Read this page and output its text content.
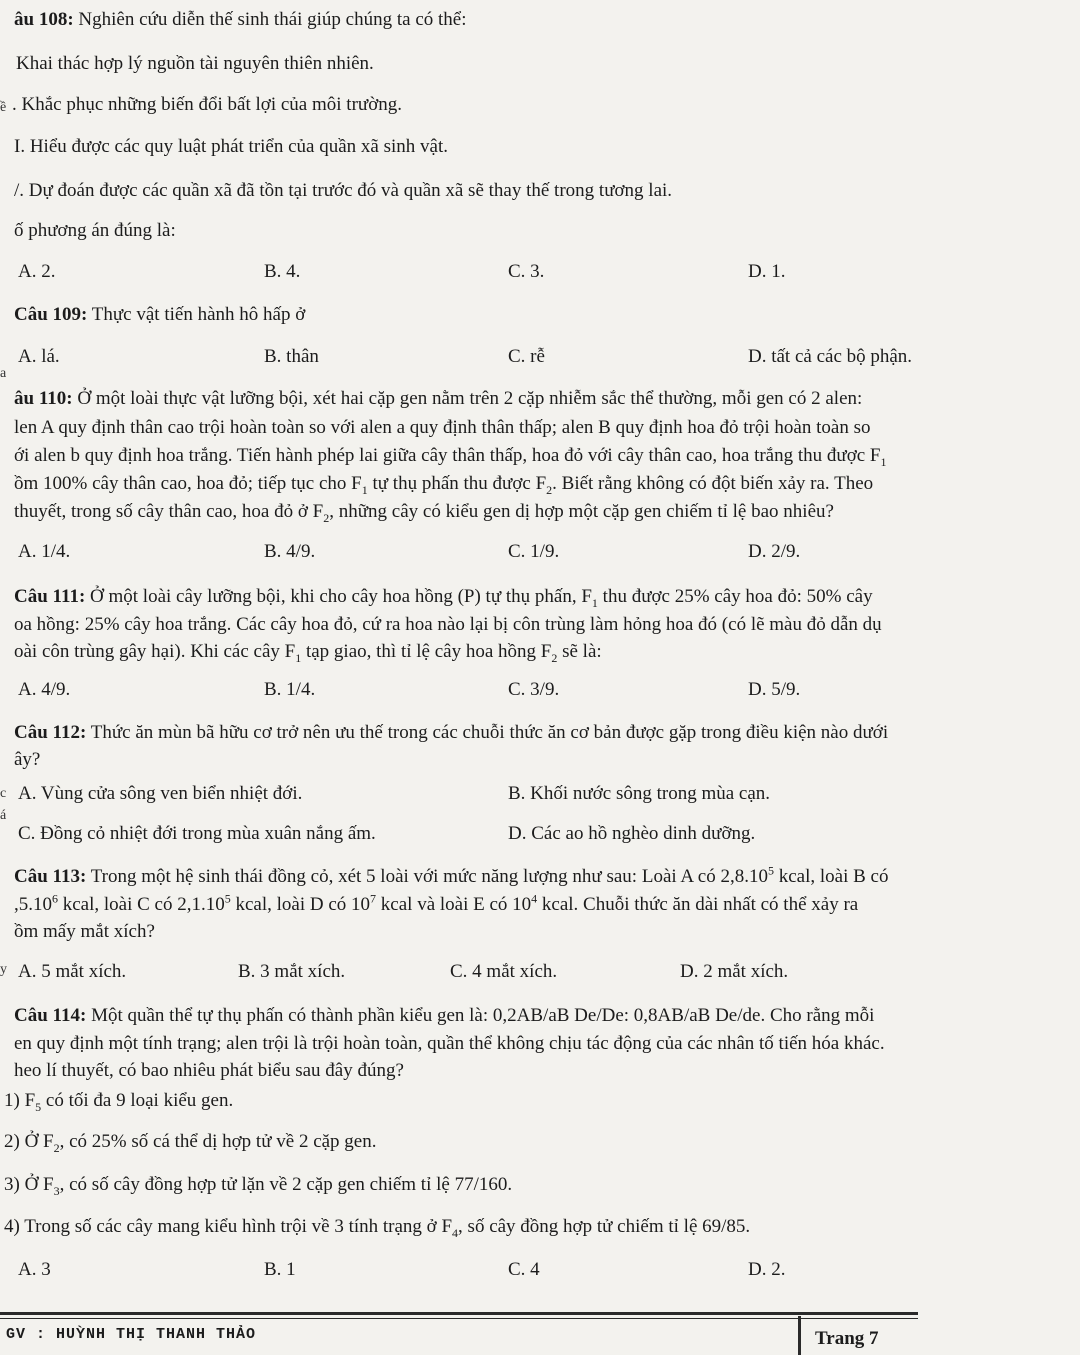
âu 108: Nghiên cứu diễn thế sinh thái giúp chúng ta có thể:
Khai thác hợp lý nguồn tài nguyên thiên nhiên.
ề . Khắc phục những biến đổi bất lợi của môi trường.
I. Hiểu được các quy luật phát triển của quần xã sinh vật.
/. Dự đoán được các quần xã đã tồn tại trước đó và quần xã sẽ thay thế trong tương lai.
ố phương án đúng là:
A. 2.	B. 4.	C. 3.	D. 1.
Câu 109: Thực vật tiến hành hô hấp ở
A. lá.	B. thân	C. rễ	D. tất cả các bộ phận.
a
âu 110: Ở một loài thực vật lưỡng bội, xét hai cặp gen nằm trên 2 cặp nhiễm sắc thể thường, mỗi gen có 2 alen:
len A quy định thân cao trội hoàn toàn so với alen a quy định thân thấp; alen B quy định hoa đỏ trội hoàn toàn so
ới alen b quy định hoa trắng. Tiến hành phép lai giữa cây thân thấp, hoa đỏ với cây thân cao, hoa trắng thu được $F_1$
ồm 100% cây thân cao, hoa đỏ; tiếp tục cho $F_1$ tự thụ phấn thu được $F_2$. Biết rằng không có đột biến xảy ra. Theo
thuyết, trong số cây thân cao, hoa đỏ ở $F_2$, những cây có kiểu gen dị hợp một cặp gen chiếm tỉ lệ bao nhiêu?
A. 1/4.	B. 4/9.	C. 1/9.	D. 2/9.
Câu 111: Ở một loài cây lưỡng bội, khi cho cây hoa hồng (P) tự thụ phấn, $F_1$ thu được 25% cây hoa đỏ: 50% cây
oa hồng: 25% cây hoa trắng. Các cây hoa đỏ, cứ ra hoa nào lại bị côn trùng làm hỏng hoa đó (có lẽ màu đỏ dẫn dụ
oài côn trùng gây hại). Khi các cây $F_1$ tạp giao, thì tỉ lệ cây hoa hồng $F_2$ sẽ là:
A. 4/9.	B. 1/4.	C. 3/9.	D. 5/9.
Câu 112: Thức ăn mùn bã hữu cơ trở nên ưu thế trong các chuỗi thức ăn cơ bản được gặp trong điều kiện nào dưới
ây?
c A. Vùng cửa sông ven biển nhiệt đới.	B. Khối nước sông trong mùa cạn.
á
C. Đồng cỏ nhiệt đới trong mùa xuân nắng ấm.	D. Các ao hồ nghèo dinh dưỡng.
Câu 113: Trong một hệ sinh thái đồng cỏ, xét 5 loài với mức năng lượng như sau: Loài A có 2,8.10$^5$ kcal, loài B có
,5.10$^6$ kcal, loài C có 2,1.10$^5$ kcal, loài D có $10^7$ kcal và loài E có $10^4$ kcal. Chuỗi thức ăn dài nhất có thể xảy ra
ồm mấy mắt xích?
y A. 5 mắt xích.	B. 3 mắt xích.	C. 4 mắt xích.	D. 2 mắt xích.
Câu 114: Một quần thể tự thụ phấn có thành phần kiểu gen là: 0,2AB/aB De/De: 0,8AB/aB De/de. Cho rằng mỗi
en quy định một tính trạng; alen trội là trội hoàn toàn, quần thể không chịu tác động của các nhân tố tiến hóa khác.
heo lí thuyết, có bao nhiêu phát biểu sau đây đúng?
1) $F_5$ có tối đa 9 loại kiểu gen.
2) Ở $F_2$, có 25% số cá thể dị hợp tử về 2 cặp gen.
3) Ở $F_3$, có số cây đồng hợp tử lặn về 2 cặp gen chiếm tỉ lệ 77/160.
4) Trong số các cây mang kiểu hình trội về 3 tính trạng ở $F_4$, số cây đồng hợp tử chiếm tỉ lệ 69/85.
A. 3	B. 1	C. 4	D. 2.
GV : HUỲNH THỊ THANH THẢO	Trang 7
